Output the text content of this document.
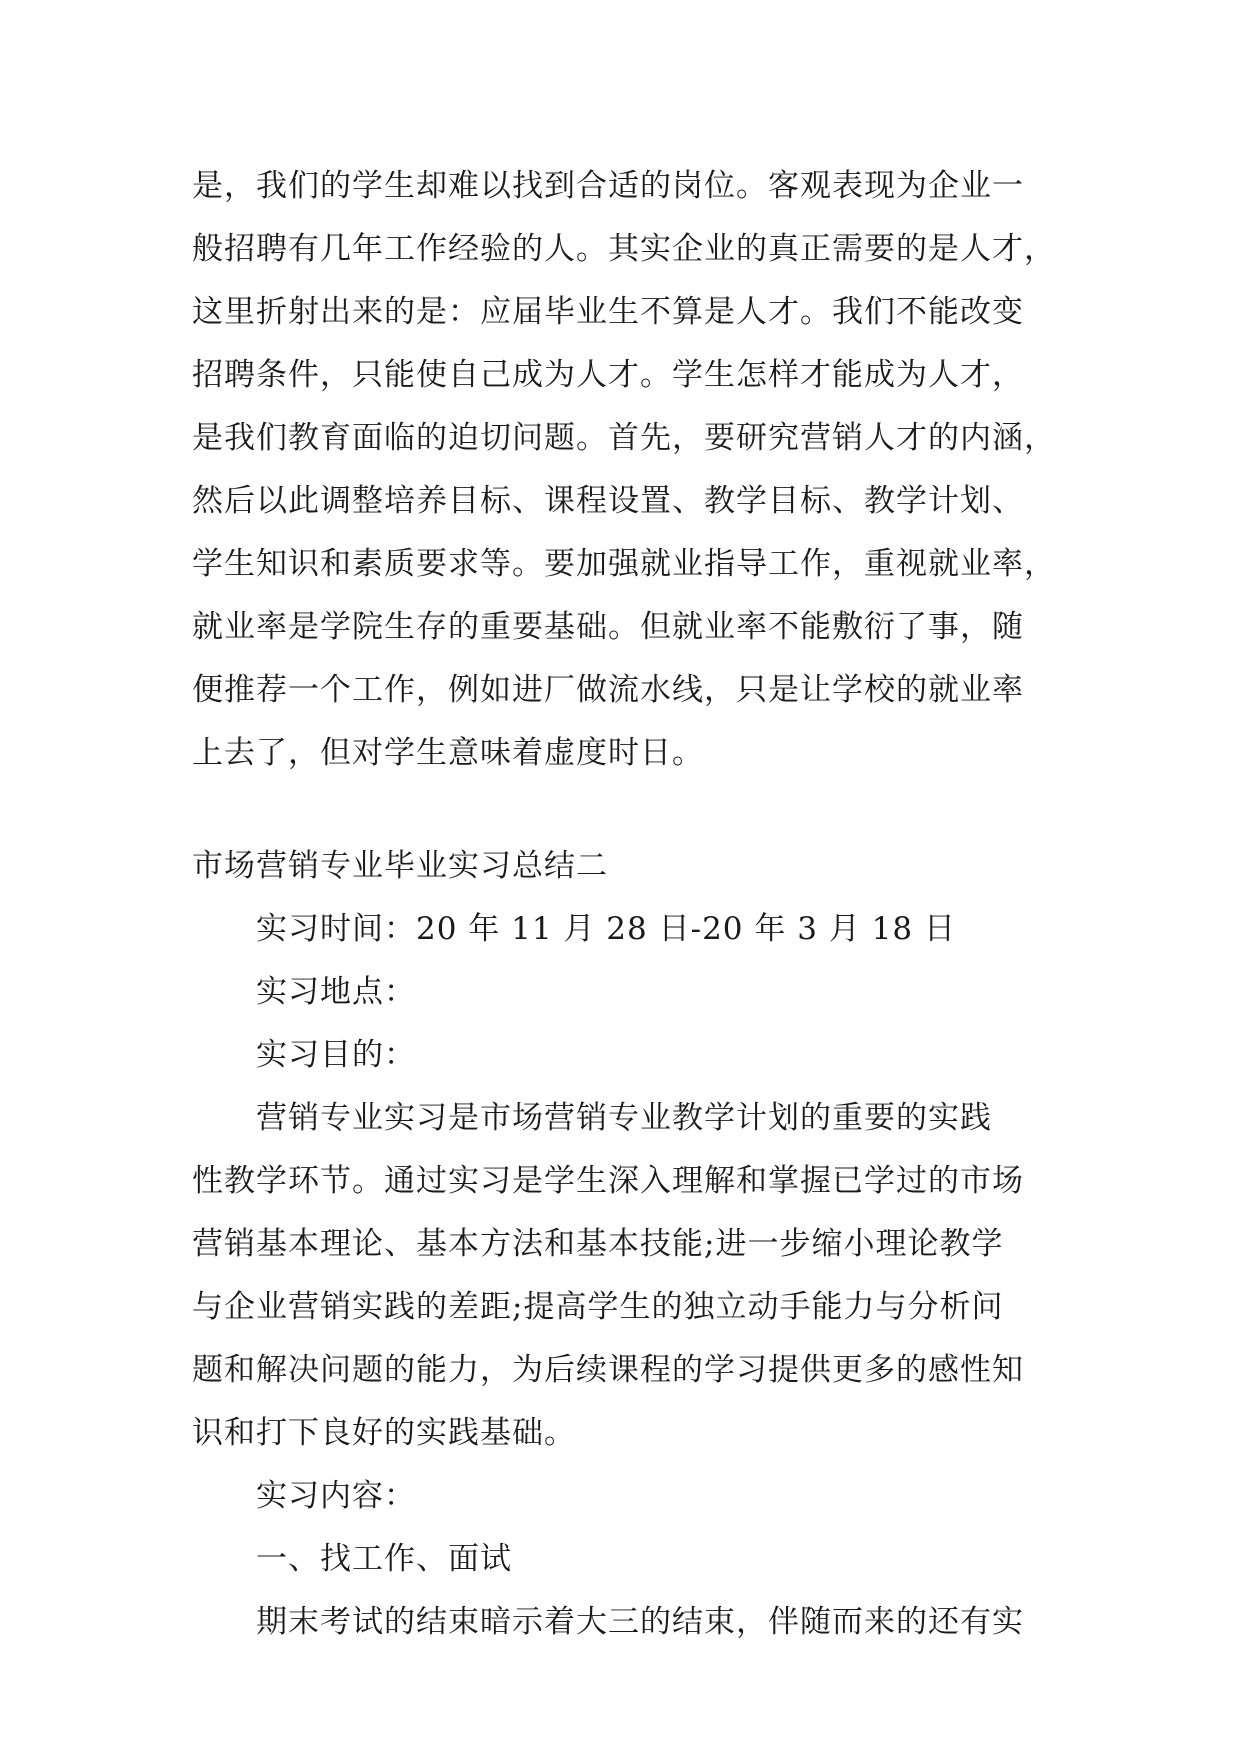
是，我们的学生却难以找到合适的岗位。客观表现为企业一
般招聘有几年工作经验的人。其实企业的真正需要的是人才，
这里折射出来的是：应届毕业生不算是人才。我们不能改变
招聘条件，只能使自己成为人才。学生怎样才能成为人才，
是我们教育面临的迫切问题。首先，要研究营销人才的内涵，
然后以此调整培养目标、课程设置、教学目标、教学计划、
学生知识和素质要求等。要加强就业指导工作，重视就业率，
就业率是学院生存的重要基础。但就业率不能敷衍了事，随
便推荐一个工作，例如进厂做流水线，只是让学校的就业率
上去了，但对学生意味着虚度时日。
市场营销专业毕业实习总结二
实习时间：20 年 11 月 28 日-20 年 3 月 18 日
实习地点：
实习目的：
营销专业实习是市场营销专业教学计划的重要的实践
性教学环节。通过实习是学生深入理解和掌握已学过的市场
营销基本理论、基本方法和基本技能;进一步缩小理论教学
与企业营销实践的差距;提高学生的独立动手能力与分析问
题和解决问题的能力，为后续课程的学习提供更多的感性知
识和打下良好的实践基础。
实习内容：
一、找工作、面试
期末考试的结束暗示着大三的结束，伴随而来的还有实
